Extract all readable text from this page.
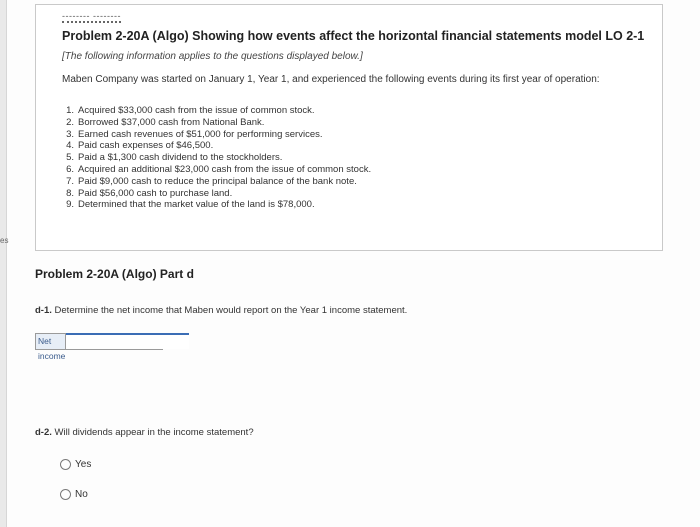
es
-------- --------
Problem 2-20A (Algo) Showing how events affect the horizontal financial statements model LO 2-1
[The following information applies to the questions displayed below.]
Maben Company was started on January 1, Year 1, and experienced the following events during its first year of operation:
1. Acquired $33,000 cash from the issue of common stock.
2. Borrowed $37,000 cash from National Bank.
3. Earned cash revenues of $51,000 for performing services.
4. Paid cash expenses of $46,500.
5. Paid a $1,300 cash dividend to the stockholders.
6. Acquired an additional $23,000 cash from the issue of common stock.
7. Paid $9,000 cash to reduce the principal balance of the bank note.
8. Paid $56,000 cash to purchase land.
9. Determined that the market value of the land is $78,000.
Problem 2-20A (Algo) Part d
d-1. Determine the net income that Maben would report on the Year 1 income statement.
Net income
d-2. Will dividends appear in the income statement?
Yes
No
